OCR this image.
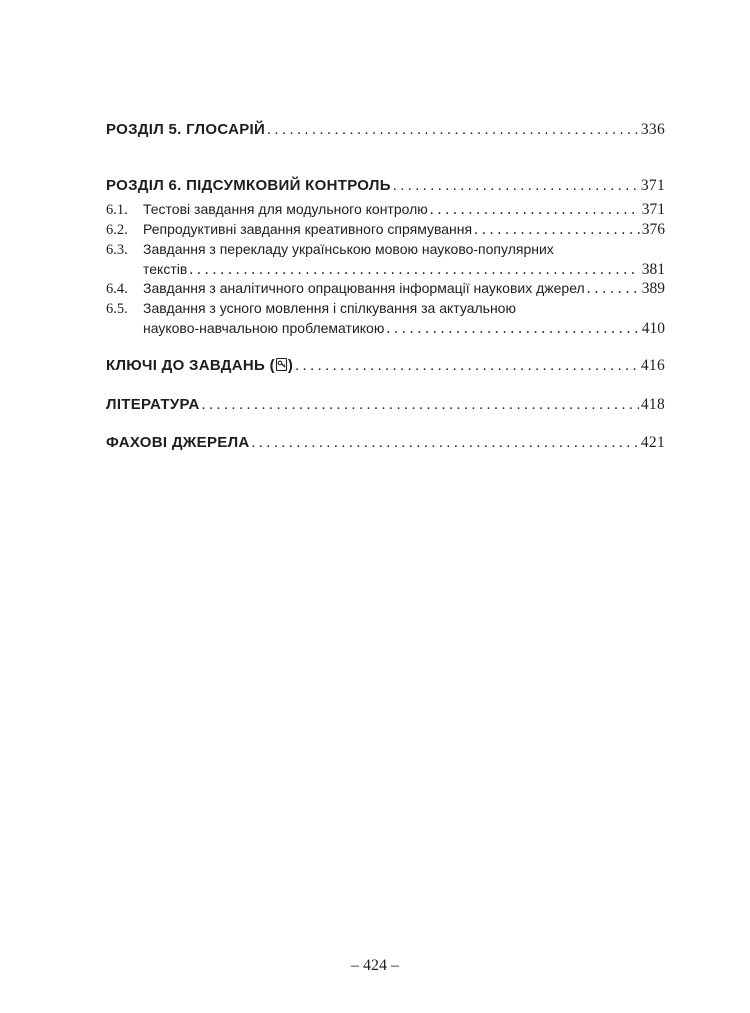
РОЗДІЛ 5. ГЛОСАРІЙ . . .	336
РОЗДІЛ 6. ПІДСУМКОВИЙ КОНТРОЛЬ . . .	371
6.1. Тестові завдання для модульного контролю . . .	371
6.2. Репродуктивні завдання креативного спрямування . . .	376
6.3. Завдання з перекладу українською мовою науково-популярних
текстів . . .	381
6.4. Завдання з аналітичного опрацювання інформації наукових джерел . . .	389
6.5. Завдання з усного мовлення і спілкування за актуальною
науково-навчальною проблематикою . . .	410
КЛЮЧІ ДО ЗАВДАНЬ ( ) . . .	416
ЛІТЕРАТУРА . . .	418
ФАХОВІ ДЖЕРЕЛА . . .	421
– 424 –
